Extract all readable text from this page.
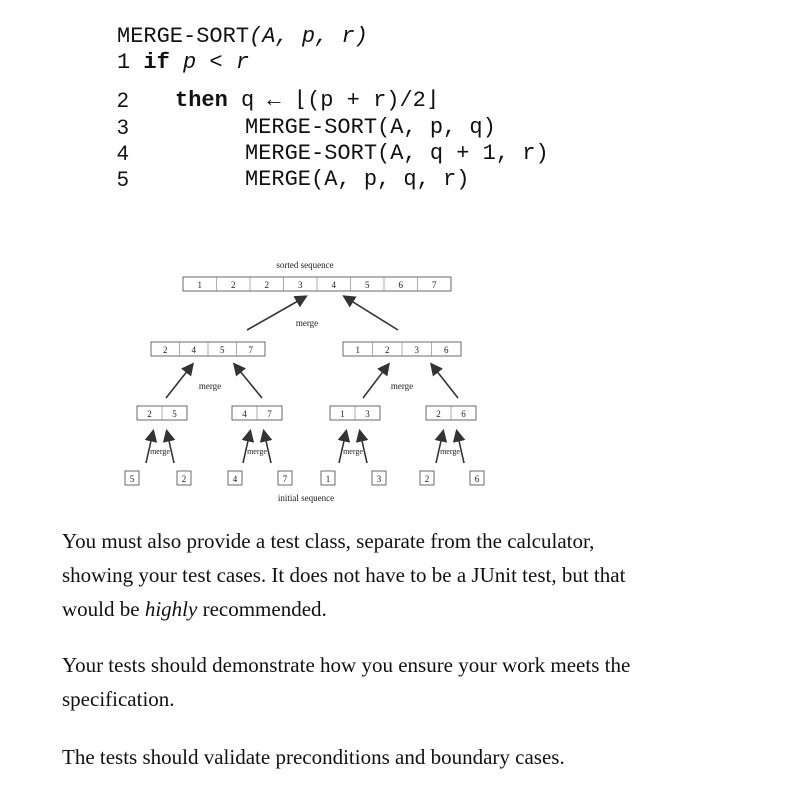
MERGE-SORT(A, p, r)
1 if p < r
2 then q ← ⌊(p + r)/2⌋
3	MERGE-SORT(A, p, q)
4	MERGE-SORT(A, q + 1, r)
5	MERGE(A, p, q, r)
sorted sequence
1	2	2	3	4	5	6	7
merge
2	4	5	7	1	2	3	6
merge	merge
2 5	4 7	1 3	2 6
merge	merge	merge	merge
5	2	4	7	1	3	2	6
initial sequence
You must also provide a test class, separate from the calculator,
showing your test cases. It does not have to be a JUnit test, but that
would be highly recommended.
Your tests should demonstrate how you ensure your work meets the
specification.
The tests should validate preconditions and boundary cases.
